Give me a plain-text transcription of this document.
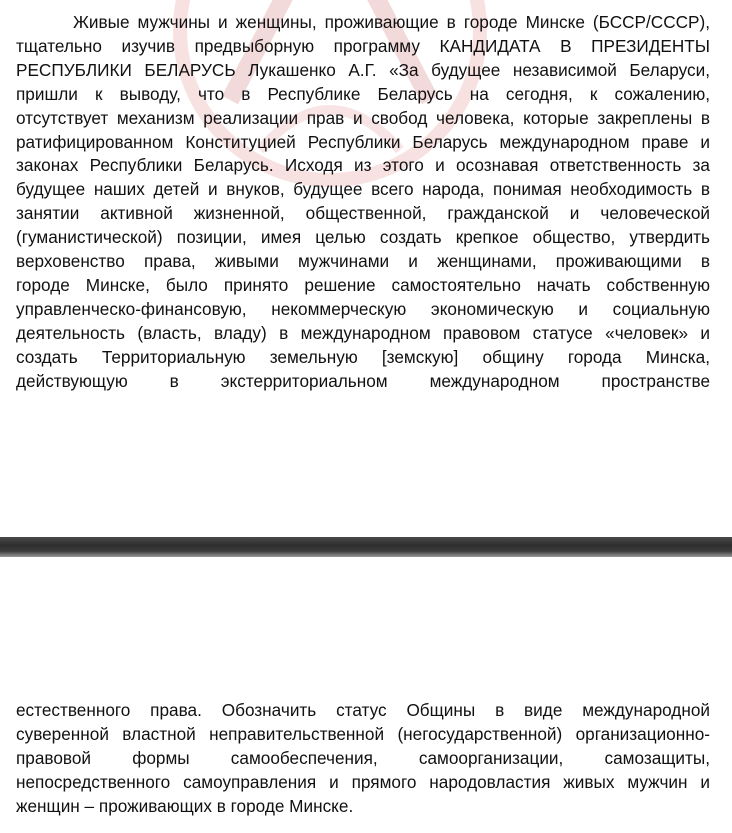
Живые мужчины и женщины, проживающие в городе Минске (БССР/СССР),
тщательно изучив предвыборную программу КАНДИДАТА В ПРЕЗИДЕНТЫ
РЕСПУБЛИКИ БЕЛАРУСЬ Лукашенко А.Г. «За будущее независимой Беларуси,
пришли к выводу, что в Республике Беларусь на сегодня, к сожалению,
отсутствует механизм реализации прав и свобод человека, которые закреплены в
ратифицированном Конституцией Республики Беларусь международном праве и
законах Республики Беларусь. Исходя из этого и осознавая ответственность за
будущее наших детей и внуков, будущее всего народа, понимая необходимость в
занятии активной жизненной, общественной, гражданской и человеческой
(гуманистической) позиции, имея целью создать крепкое общество, утвердить
верховенство права, живыми мужчинами и женщинами, проживающими в
городе Минске, было принято решение самостоятельно начать собственную
управленческо-финансовую, некоммерческую экономическую и социальную
деятельность (власть, владу) в международном правовом статусе «человек» и
создать Территориальную земельную [земскую] общину города Минска,
действующую в экстерриториальном международном пространстве
естественного права. Обозначить статус Общины в виде международной
суверенной властной неправительственной (негосударственной) организационно-
правовой формы самообеспечения, самоорганизации, самозащиты,
непосредственного самоуправления и прямого народовластия живых мужчин и
женщин – проживающих в городе Минске.
